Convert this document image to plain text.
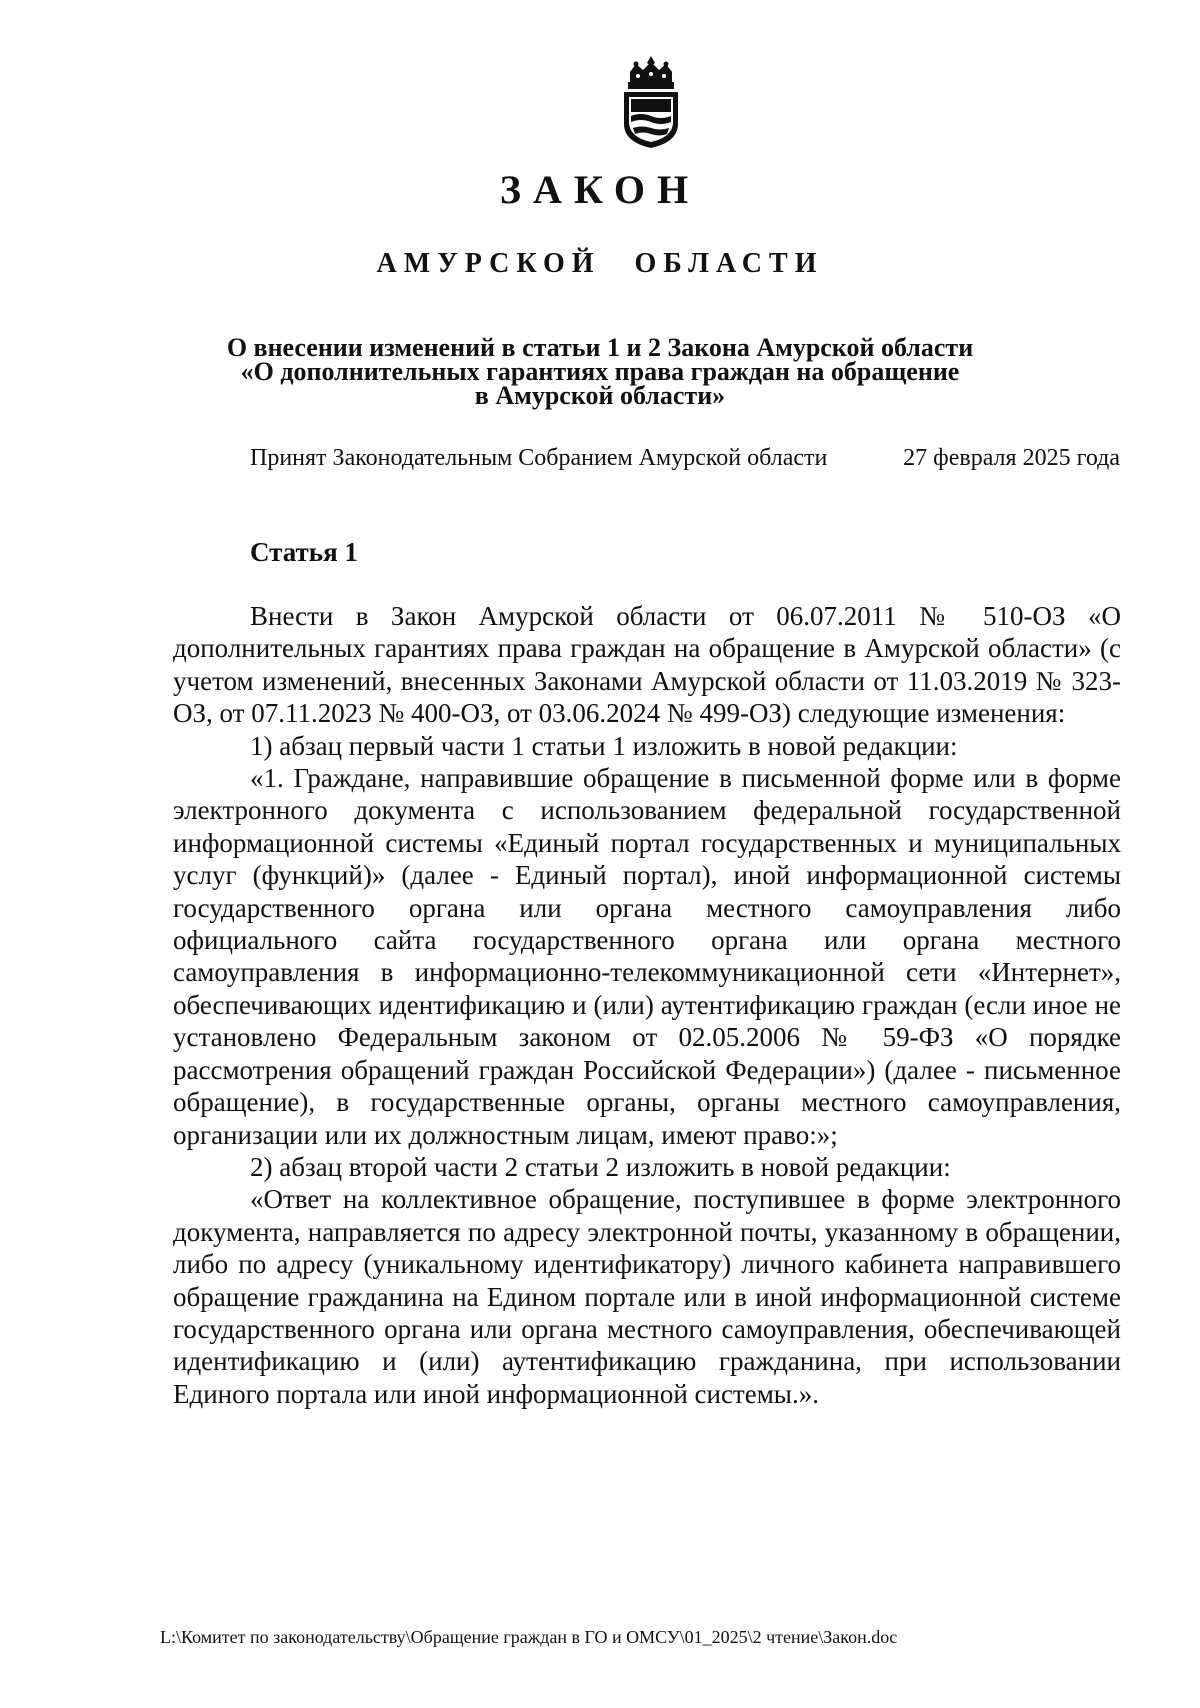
ЗАКОН
АМУРСКОЙ ОБЛАСТИ
О внесении изменений в статьи 1 и 2 Закона Амурской области
«О дополнительных гарантиях права граждан на обращение
в Амурской области»
Принят Законодательным Собранием Амурской области	27 февраля 2025 года
Статья 1

Внести в Закон Амурской области от 06.07.2011 № 510-ОЗ «О дополнительных гарантиях права граждан на обращение в Амурской области» (с учетом изменений, внесенных Законами Амурской области от 11.03.2019 № 323-ОЗ, от 07.11.2023 № 400-ОЗ, от 03.06.2024 № 499-ОЗ) следующие изменения:

1) абзац первый части 1 статьи 1 изложить в новой редакции:

«1. Граждане, направившие обращение в письменной форме или в форме электронного документа с использованием федеральной государственной информационной системы «Единый портал государственных и муниципальных услуг (функций)» (далее - Единый портал), иной информационной системы государственного органа или органа местного самоуправления либо официального сайта государственного органа или органа местного самоуправления в информационно-телекоммуникационной сети «Интернет», обеспечивающих идентификацию и (или) аутентификацию граждан (если иное не установлено Федеральным законом от 02.05.2006 № 59-ФЗ «О порядке рассмотрения обращений граждан Российской Федерации») (далее - письменное обращение), в государственные органы, органы местного самоуправления, организации или их должностным лицам, имеют право:»;

2) абзац второй части 2 статьи 2 изложить в новой редакции:

«Ответ на коллективное обращение, поступившее в форме электронного документа, направляется по адресу электронной почты, указанному в обращении, либо по адресу (уникальному идентификатору) личного кабинета направившего обращение гражданина на Едином портале или в иной информационной системе государственного органа или органа местного самоуправления, обеспечивающей идентификацию и (или) аутентификацию гражданина, при использовании Единого портала или иной информационной системы.».

L:\Комитет по законодательству\Обращение граждан в ГО и ОМСУ\01_2025\2 чтение\Закон.doc
